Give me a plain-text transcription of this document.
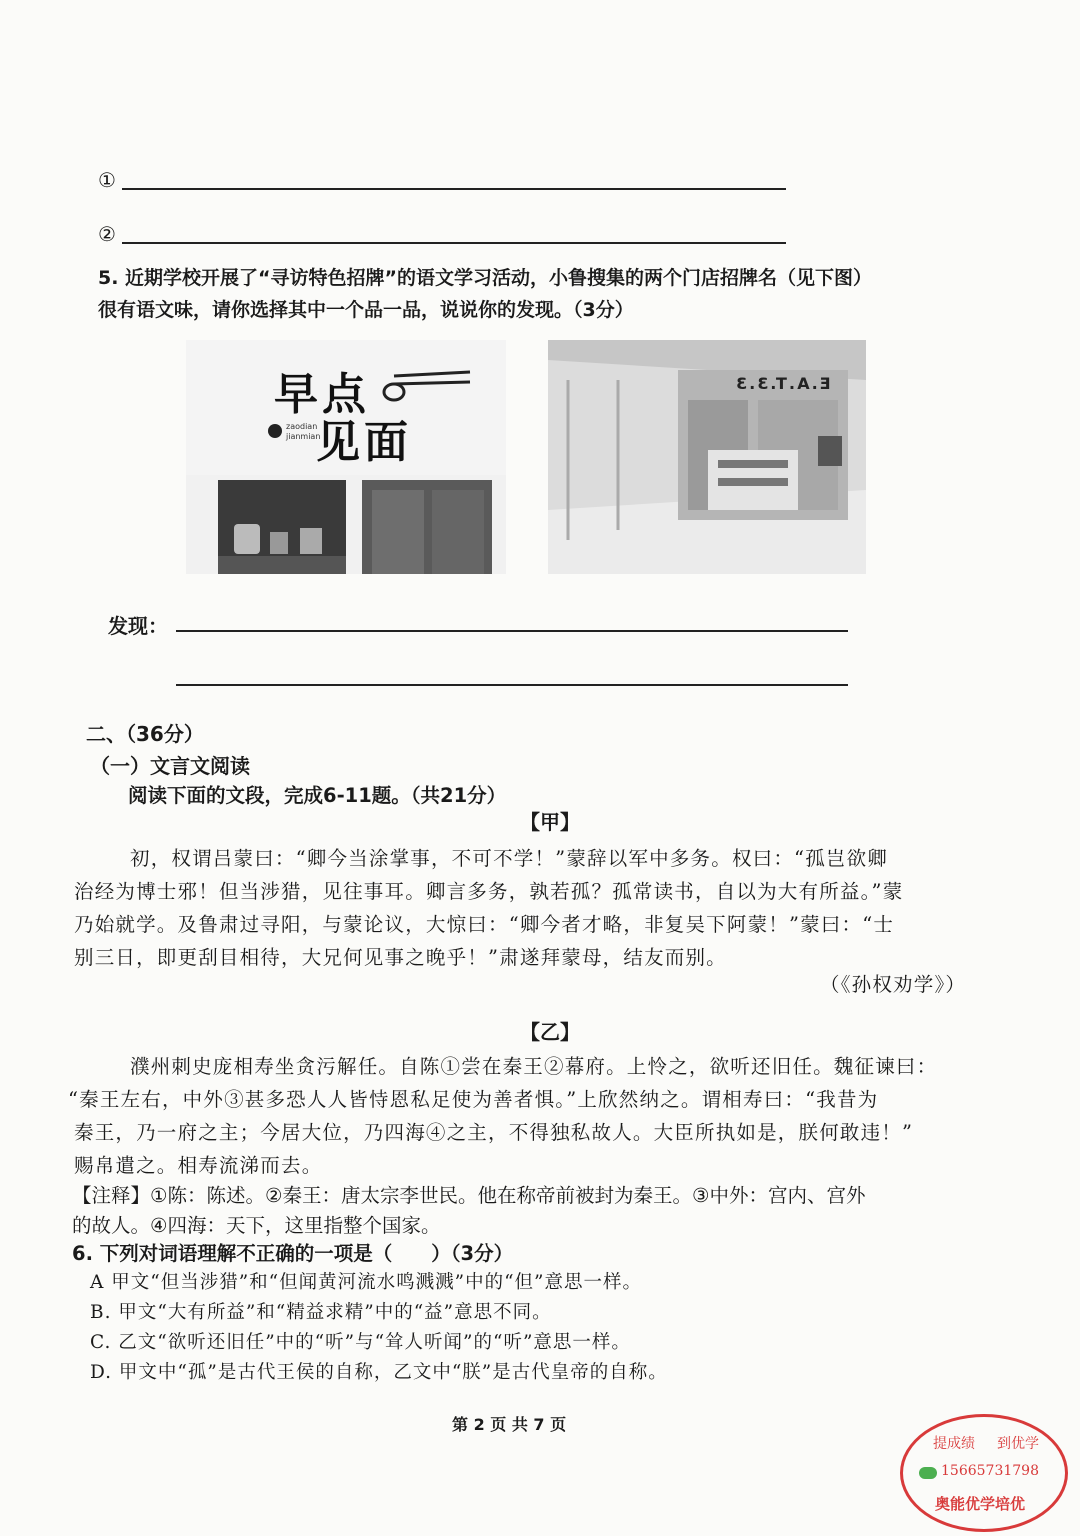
①
②
5. 近期学校开展了“寻访特色招牌”的语文学习活动，小鲁搜集的两个门店招牌名（见下图）
很有语文味，请你选择其中一个品一品，说说你的发现。（3分）
早点
见面
zaodian
jianmian
E.A.T.3.3
发现：
二、（36分）
（一）文言文阅读
阅读下面的文段，完成6-11题。（共21分）
【甲】
初，权谓吕蒙曰：“卿今当涂掌事，不可不学！”蒙辞以军中多务。权曰：“孤岂欲卿
治经为博士邪！但当涉猎，见往事耳。卿言多务，孰若孤？孤常读书，自以为大有所益。”蒙
乃始就学。及鲁肃过寻阳，与蒙论议，大惊曰：“卿今者才略，非复吴下阿蒙！”蒙曰：“士
别三日，即更刮目相待，大兄何见事之晚乎！”肃遂拜蒙母，结友而别。
（《孙权劝学》）
【乙】
濮州刺史庞相寿坐贪污解任。自陈①尝在秦王②幕府。上怜之，欲听还旧任。魏征谏曰：
“秦王左右，中外③甚多恐人人皆恃恩私足使为善者惧。”上欣然纳之。谓相寿曰：“我昔为
秦王，乃一府之主；今居大位，乃四海④之主，不得独私故人。大臣所执如是，朕何敢违！”
赐帛遣之。相寿流涕而去。
【注释】①陈：陈述。②秦王：唐太宗李世民。他在称帝前被封为秦王。③中外：宫内、宫外
的故人。④四海：天下，这里指整个国家。
6. 下列对词语理解不正确的一项是（　　）（3分）
A 甲文“但当涉猎”和“但闻黄河流水鸣溅溅”中的“但”意思一样。
B. 甲文“大有所益”和“精益求精”中的“益”意思不同。
C. 乙文“欲听还旧任”中的“听”与“耸人听闻”的“听”意思一样。
D. 甲文中“孤”是古代王侯的自称，乙文中“朕”是古代皇帝的自称。
第 2 页 共 7 页
提成绩 到优学
15665731798
奥能优学培优
